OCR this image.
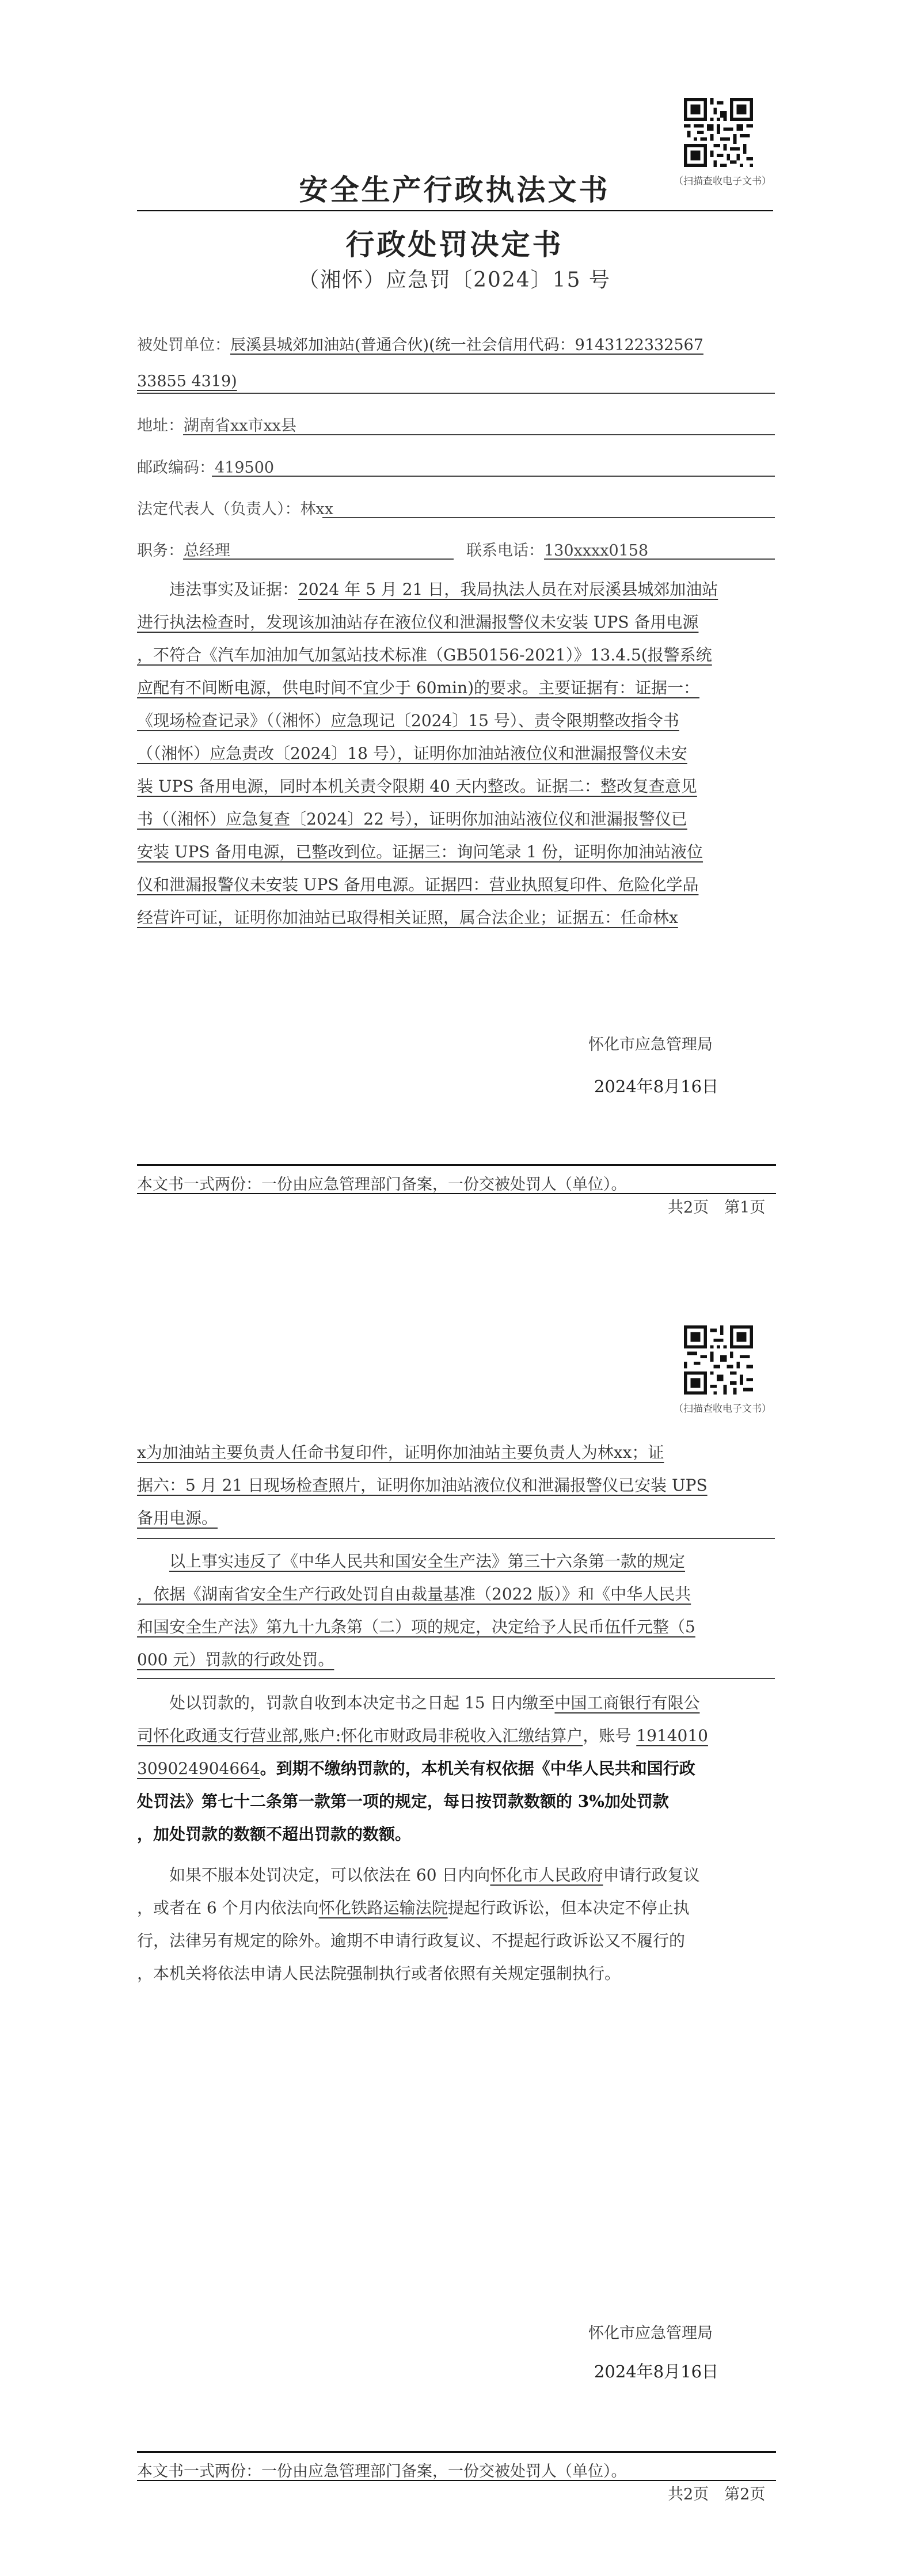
（扫描查收电子文书）
安全生产行政执法文书
行政处罚决定书
（湘怀）应急罚〔2024〕15 号
被处罚单位：辰溪县城郊加油站(普通合伙)(统一社会信用代码：9143122332567
33855 4319)
地址：湖南省xx市xx县
邮政编码：419500
法定代表人（负责人）：林xx
职务：总经理	联系电话：130xxxx0158
违法事实及证据：2024 年 5 月 21 日，我局执法人员在对辰溪县城郊加油站
进行执法检查时，发现该加油站存在液位仪和泄漏报警仪未安装 UPS 备用电源
，不符合《汽车加油加气加氢站技术标准（GB50156-2021）》13.4.5(报警系统
应配有不间断电源，供电时间不宜少于 60min)的要求。主要证据有：证据一：
《现场检查记录》（（湘怀）应急现记〔2024〕15 号）、责令限期整改指令书
（（湘怀）应急责改〔2024〕18 号），证明你加油站液位仪和泄漏报警仪未安
装 UPS 备用电源，同时本机关责令限期 40 天内整改。证据二：整改复查意见
书（（湘怀）应急复查〔2024〕22 号），证明你加油站液位仪和泄漏报警仪已
安装 UPS 备用电源，已整改到位。证据三：询问笔录 1 份，证明你加油站液位
仪和泄漏报警仪未安装 UPS 备用电源。证据四：营业执照复印件、危险化学品
经营许可证，证明你加油站已取得相关证照，属合法企业；证据五：任命林x
怀化市应急管理局
2024年8月16日
本文书一式两份：一份由应急管理部门备案，一份交被处罚人（单位）。
共2页　第1页
（扫描查收电子文书）
x为加油站主要负责人任命书复印件，证明你加油站主要负责人为林xx；证
据六：5 月 21 日现场检查照片，证明你加油站液位仪和泄漏报警仪已安装 UPS
备用电源。
以上事实违反了《中华人民共和国安全生产法》第三十六条第一款的规定
，依据《湖南省安全生产行政处罚自由裁量基准（2022 版）》和《中华人民共
和国安全生产法》第九十九条第（二）项的规定，决定给予人民币伍仟元整（5
000 元）罚款的行政处罚。
处以罚款的，罚款自收到本决定书之日起 15 日内缴至中国工商银行有限公
司怀化政通支行营业部,账户:怀化市财政局非税收入汇缴结算户，账号 1914010
309024904664。到期不缴纳罚款的，本机关有权依据《中华人民共和国行政
处罚法》第七十二条第一款第一项的规定，每日按罚款数额的 3%加处罚款
，加处罚款的数额不超出罚款的数额。
如果不服本处罚决定，可以依法在 60 日内向怀化市人民政府申请行政复议
，或者在 6 个月内依法向怀化铁路运输法院提起行政诉讼，但本决定不停止执
行，法律另有规定的除外。逾期不申请行政复议、不提起行政诉讼又不履行的
，本机关将依法申请人民法院强制执行或者依照有关规定强制执行。
怀化市应急管理局
2024年8月16日
本文书一式两份：一份由应急管理部门备案，一份交被处罚人（单位）。
共2页　第2页
